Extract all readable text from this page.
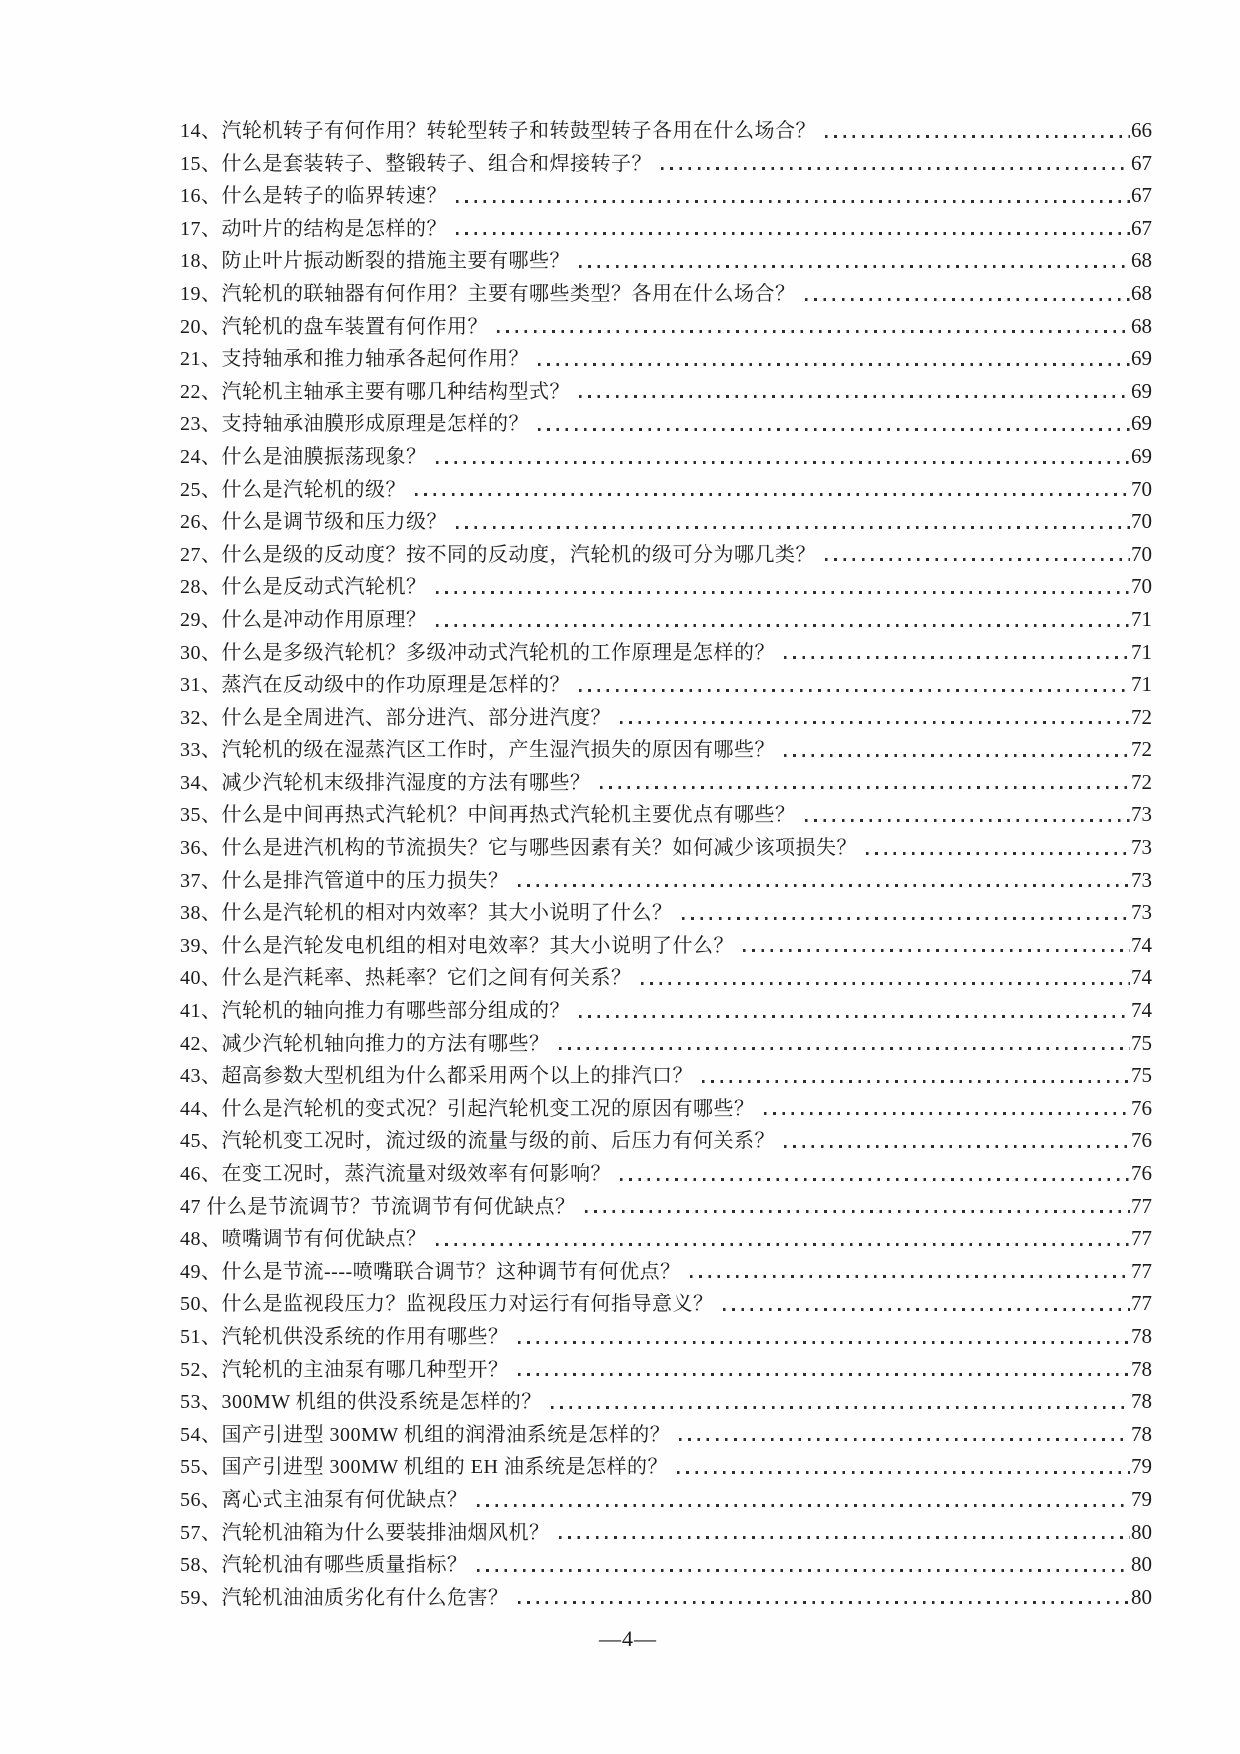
14、汽轮机转子有何作用？转轮型转子和转鼓型转子各用在什么场合？	66
15、什么是套装转子、整锻转子、组合和焊接转子？	67
16、什么是转子的临界转速？	67
17、动叶片的结构是怎样的？	67
18、防止叶片振动断裂的措施主要有哪些？	68
19、汽轮机的联轴器有何作用？主要有哪些类型？各用在什么场合？	68
20、汽轮机的盘车装置有何作用？	68
21、支持轴承和推力轴承各起何作用？	69
22、汽轮机主轴承主要有哪几种结构型式？	69
23、支持轴承油膜形成原理是怎样的？	69
24、什么是油膜振荡现象？	69
25、什么是汽轮机的级？	70
26、什么是调节级和压力级？	70
27、什么是级的反动度？按不同的反动度，汽轮机的级可分为哪几类？	70
28、什么是反动式汽轮机？	70
29、什么是冲动作用原理？	71
30、什么是多级汽轮机？多级冲动式汽轮机的工作原理是怎样的？	71
31、蒸汽在反动级中的作功原理是怎样的？	71
32、什么是全周进汽、部分进汽、部分进汽度？	72
33、汽轮机的级在湿蒸汽区工作时，产生湿汽损失的原因有哪些？	72
34、减少汽轮机末级排汽湿度的方法有哪些？	72
35、什么是中间再热式汽轮机？中间再热式汽轮机主要优点有哪些？	73
36、什么是进汽机构的节流损失？它与哪些因素有关？如何减少该项损失？	73
37、什么是排汽管道中的压力损失？	73
38、什么是汽轮机的相对内效率？其大小说明了什么？	73
39、什么是汽轮发电机组的相对电效率？其大小说明了什么？	74
40、什么是汽耗率、热耗率？它们之间有何关系？	74
41、汽轮机的轴向推力有哪些部分组成的？	74
42、减少汽轮机轴向推力的方法有哪些？	75
43、超高参数大型机组为什么都采用两个以上的排汽口？	75
44、什么是汽轮机的变式况？引起汽轮机变工况的原因有哪些？	76
45、汽轮机变工况时，流过级的流量与级的前、后压力有何关系？	76
46、在变工况时，蒸汽流量对级效率有何影响？	76
47 什么是节流调节？节流调节有何优缺点？	77
48、喷嘴调节有何优缺点？	77
49、什么是节流----喷嘴联合调节？这种调节有何优点？	77
50、什么是监视段压力？监视段压力对运行有何指导意义？	77
51、汽轮机供没系统的作用有哪些？	78
52、汽轮机的主油泵有哪几种型开？	78
53、300MW 机组的供没系统是怎样的？	78
54、国产引进型 300MW 机组的润滑油系统是怎样的？	78
55、国产引进型 300MW 机组的 EH 油系统是怎样的？	79
56、离心式主油泵有何优缺点？	79
57、汽轮机油箱为什么要装排油烟风机？	80
58、汽轮机油有哪些质量指标？	80
59、汽轮机油油质劣化有什么危害？	80
—4—
